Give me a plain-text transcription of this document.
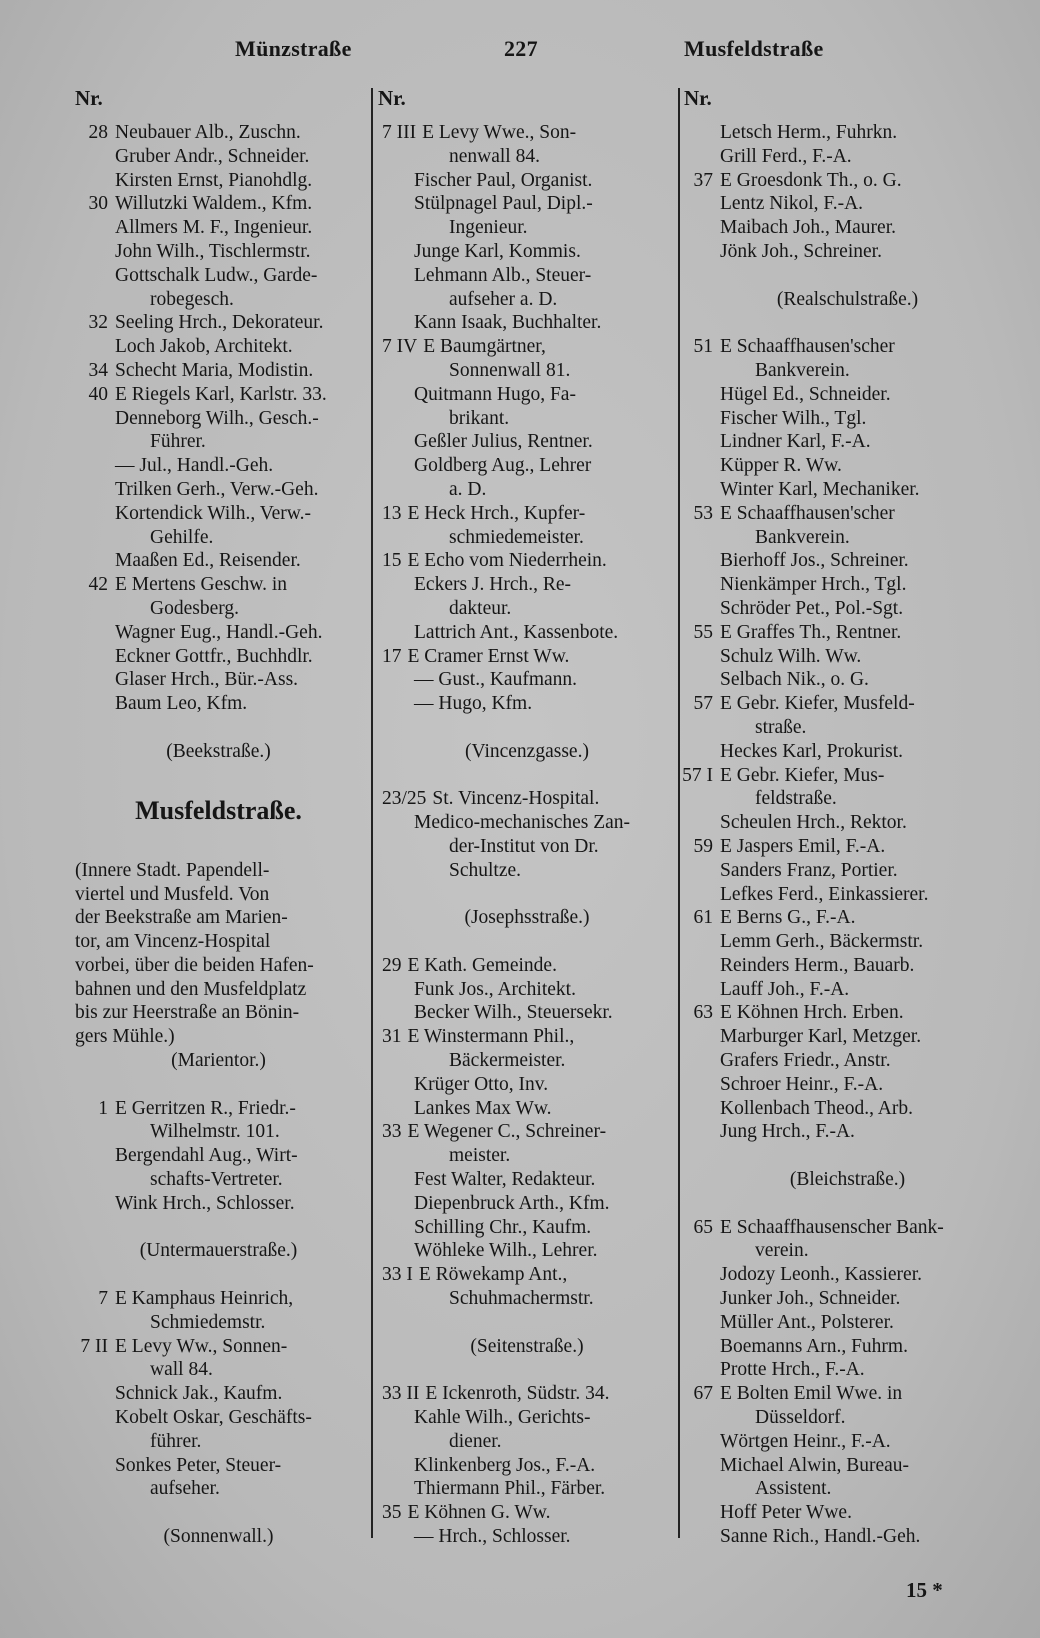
Münzstraße	227	Musfeldstraße
Nr.	Nr.	Nr.
28 Neubauer Alb., Zuschn.
Gruber Andr., Schneider.
Kirsten Ernst, Pianohdlg.
30 Willutzki Waldem., Kfm.
Allmers M. F., Ingenieur.
John Wilh., Tischlermstr.
Gottschalk Ludw., Garde-
robegesch.
32 Seeling Hrch., Dekorateur.
Loch Jakob, Architekt.
34 Schecht Maria, Modistin.
40 E Riegels Karl, Karlstr. 33.
Denneborg Wilh., Gesch.-
Führer.
— Jul., Handl.-Geh.
Trilken Gerh., Verw.-Geh.
Kortendick Wilh., Verw.-
Gehilfe.
Maaßen Ed., Reisender.
42 E Mertens Geschw. in
Godesberg.
Wagner Eug., Handl.-Geh.
Eckner Gottfr., Buchhdlr.
Glaser Hrch., Bür.-Ass.
Baum Leo, Kfm.
(Beekstraße.)
Musfeldstraße.
(Innere Stadt. Papendell-
viertel und Musfeld. Von
der Beekstraße am Marien-
tor, am Vincenz-Hospital
vorbei, über die beiden Hafen-
bahnen und den Musfeldplatz
bis zur Heerstraße an Bönin-
gers Mühle.)
(Marientor.)
1 E Gerritzen R., Friedr.-
Wilhelmstr. 101.
Bergendahl Aug., Wirt-
schafts-Vertreter.
Wink Hrch., Schlosser.
(Untermauerstraße.)
7 E Kamphaus Heinrich,
Schmiedemstr.
7 II E Levy Ww., Sonnen-
wall 84.
Schnick Jak., Kaufm.
Kobelt Oskar, Geschäfts-
führer.
Sonkes Peter, Steuer-
aufseher.
(Sonnenwall.)
7 III E Levy Wwe., Son-
nenwall 84.
Fischer Paul, Organist.
Stülpnagel Paul, Dipl.-
Ingenieur.
Junge Karl, Kommis.
Lehmann Alb., Steuer-
aufseher a. D.
Kann Isaak, Buchhalter.
7 IV E Baumgärtner,
Sonnenwall 81.
Quitmann Hugo, Fa-
brikant.
Geßler Julius, Rentner.
Goldberg Aug., Lehrer
a. D.
13 E Heck Hrch., Kupfer-
schmiedemeister.
15 E Echo vom Niederrhein.
Eckers J. Hrch., Re-
dakteur.
Lattrich Ant., Kassenbote.
17 E Cramer Ernst Ww.
— Gust., Kaufmann.
— Hugo, Kfm.
(Vincenzgasse.)
23/25 St. Vincenz-Hospital.
Medico-mechanisches Zan-
der-Institut von Dr.
Schultze.
(Josephsstraße.)
29 E Kath. Gemeinde.
Funk Jos., Architekt.
Becker Wilh., Steuersekr.
31 E Winstermann Phil.,
Bäckermeister.
Krüger Otto, Inv.
Lankes Max Ww.
33 E Wegener C., Schreiner-
meister.
Fest Walter, Redakteur.
Diepenbruck Arth., Kfm.
Schilling Chr., Kaufm.
Wöhleke Wilh., Lehrer.
33 I E Röwekamp Ant.,
Schuhmachermstr.
(Seitenstraße.)
33 II E Ickenroth, Südstr. 34.
Kahle Wilh., Gerichts-
diener.
Klinkenberg Jos., F.-A.
Thiermann Phil., Färber.
35 E Köhnen G. Ww.
— Hrch., Schlosser.
Letsch Herm., Fuhrkn.
Grill Ferd., F.-A.
37 E Groesdonk Th., o. G.
Lentz Nikol, F.-A.
Maibach Joh., Maurer.
Jönk Joh., Schreiner.
(Realschulstraße.)
51 E Schaaffhausen'scher
Bankverein.
Hügel Ed., Schneider.
Fischer Wilh., Tgl.
Lindner Karl, F.-A.
Küpper R. Ww.
Winter Karl, Mechaniker.
53 E Schaaffhausen'scher
Bankverein.
Bierhoff Jos., Schreiner.
Nienkämper Hrch., Tgl.
Schröder Pet., Pol.-Sgt.
55 E Graffes Th., Rentner.
Schulz Wilh. Ww.
Selbach Nik., o. G.
57 E Gebr. Kiefer, Musfeld-
straße.
Heckes Karl, Prokurist.
57 I E Gebr. Kiefer, Mus-
feldstraße.
Scheulen Hrch., Rektor.
59 E Jaspers Emil, F.-A.
Sanders Franz, Portier.
Lefkes Ferd., Einkassierer.
61 E Berns G., F.-A.
Lemm Gerh., Bäckermstr.
Reinders Herm., Bauarb.
Lauff Joh., F.-A.
63 E Köhnen Hrch. Erben.
Marburger Karl, Metzger.
Grafers Friedr., Anstr.
Schroer Heinr., F.-A.
Kollenbach Theod., Arb.
Jung Hrch., F.-A.
(Bleichstraße.)
65 E Schaaffhausenscher Bank-
verein.
Jodozy Leonh., Kassierer.
Junker Joh., Schneider.
Müller Ant., Polsterer.
Boemanns Arn., Fuhrm.
Protte Hrch., F.-A.
67 E Bolten Emil Wwe. in
Düsseldorf.
Wörtgen Heinr., F.-A.
Michael Alwin, Bureau-
Assistent.
Hoff Peter Wwe.
Sanne Rich., Handl.-Geh.
15 *
